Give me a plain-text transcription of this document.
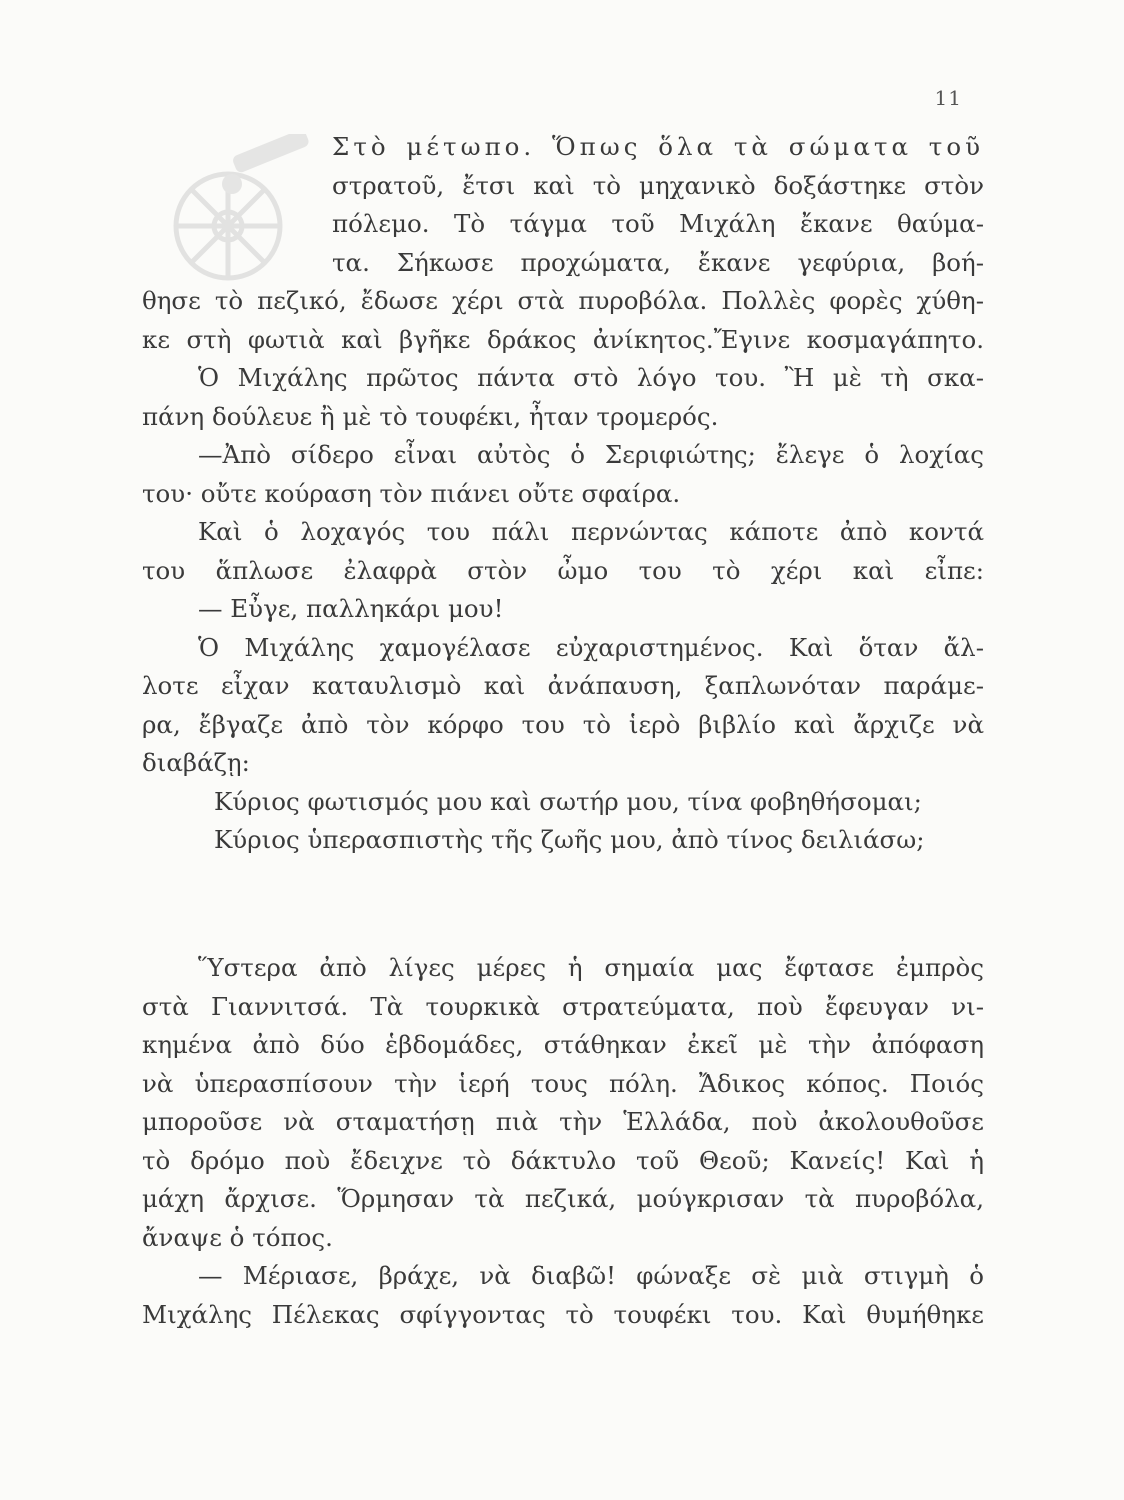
11
Στὸ μέτωπο. Ὅπως ὅλα τὰ σώματα τοῦ
στρατοῦ, ἔτσι καὶ τὸ μηχανικὸ δοξάστηκε στὸν
πόλεμο. Τὸ τάγμα τοῦ Μιχάλη ἔκανε θαύμα-
τα. Σήκωσε προχώματα, ἔκανε γεφύρια, βοή-
θησε τὸ πεζικό, ἔδωσε χέρι στὰ πυροβόλα. Πολλὲς φορὲς χύθη-
κε στὴ φωτιὰ καὶ βγῆκε δράκος ἀνίκητος.Ἔγινε κοσμαγάπητο.
Ὁ Μιχάλης πρῶτος πάντα στὸ λόγο του. Ἢ μὲ τὴ σκα-
πάνη δούλευε ἢ μὲ τὸ τουφέκι, ἦταν τρομερός.
—Ἀπὸ σίδερο εἶναι αὐτὸς ὁ Σεριφιώτης; ἔλεγε ὁ λοχίας
του· οὔτε κούραση τὸν πιάνει οὔτε σφαίρα.
Καὶ ὁ λοχαγός του πάλι περνώντας κάποτε ἀπὸ κοντά
του ἅπλωσε ἐλαφρὰ στὸν ὦμο του τὸ χέρι καὶ εἶπε:
— Εὖγε, παλληκάρι μου!
Ὁ Μιχάλης χαμογέλασε εὐχαριστημένος. Καὶ ὅταν ἄλ-
λοτε εἶχαν καταυλισμὸ καὶ ἀνάπαυση, ξαπλωνόταν παράμε-
ρα, ἔβγαζε ἀπὸ τὸν κόρφο του τὸ ἱερὸ βιβλίο καὶ ἄρχιζε νὰ
διαβάζῃ:
Κύριος φωτισμός μου καὶ σωτήρ μου, τίνα φοβηθήσομαι;
Κύριος ὑπερασπιστὴς τῆς ζωῆς μου, ἀπὸ τίνος δειλιάσω;
Ὕστερα ἀπὸ λίγες μέρες ἡ σημαία μας ἔφτασε ἐμπρὸς
στὰ Γιαννιτσά. Τὰ τουρκικὰ στρατεύματα, ποὺ ἔφευγαν νι-
κημένα ἀπὸ δύο ἑβδομάδες, στάθηκαν ἐκεῖ μὲ τὴν ἀπόφαση
νὰ ὑπερασπίσουν τὴν ἱερή τους πόλη. Ἄδικος κόπος. Ποιός
μποροῦσε νὰ σταματήσῃ πιὰ τὴν Ἑλλάδα, ποὺ ἀκολουθοῦσε
τὸ δρόμο ποὺ ἔδειχνε τὸ δάκτυλο τοῦ Θεοῦ; Κανείς! Καὶ ἡ
μάχη ἄρχισε. Ὅρμησαν τὰ πεζικά, μούγκρισαν τὰ πυροβόλα,
ἄναψε ὁ τόπος.
— Μέριασε, βράχε, νὰ διαβῶ! φώναξε σὲ μιὰ στιγμὴ ὁ
Μιχάλης Πέλεκας σφίγγοντας τὸ τουφέκι του. Καὶ θυμήθηκε
